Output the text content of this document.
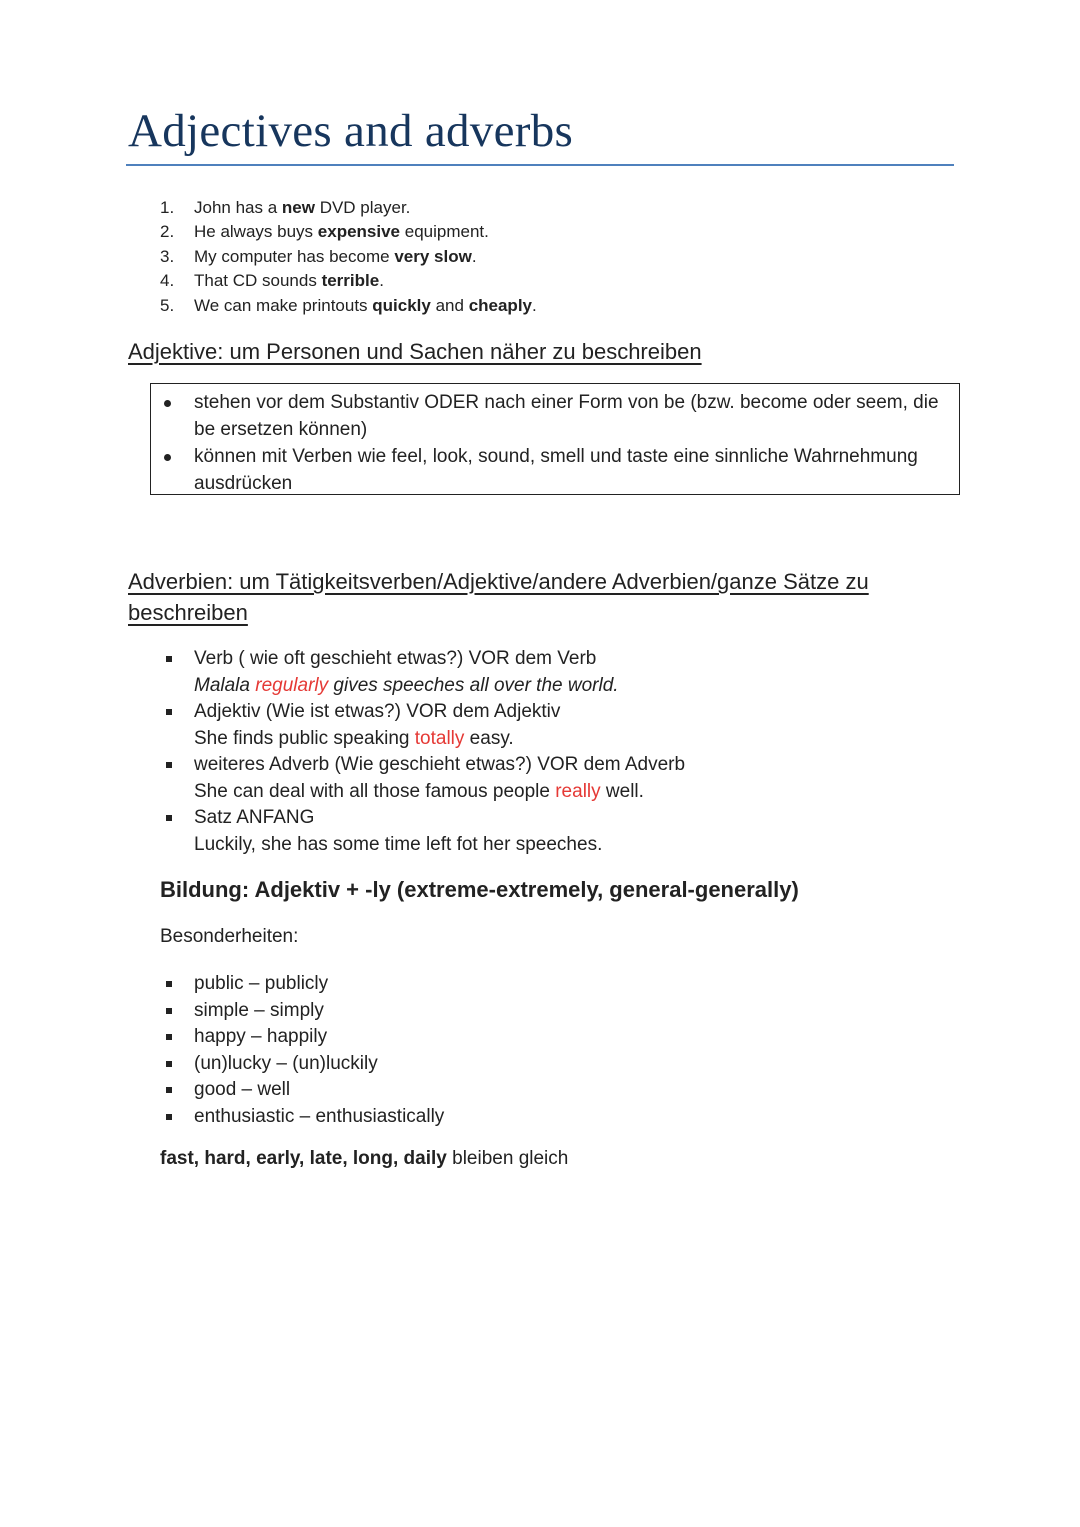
Adjectives and adverbs
1.	John has a new DVD player.
2.	He always buys expensive equipment.
3.	My computer has become very slow.
4.	That CD sounds terrible.
5.	We can make printouts quickly and cheaply.
Adjektive: um Personen und Sachen näher zu beschreiben
stehen vor dem Substantiv ODER nach einer Form von be (bzw. become oder seem, die be ersetzen können)
können mit Verben wie feel, look, sound, smell und taste eine sinnliche Wahrnehmung ausdrücken
Adverbien: um Tätigkeitsverben/Adjektive/andere Adverbien/ganze Sätze zu beschreiben
Verb ( wie oft geschieht etwas?) VOR dem Verb
Malala regularly gives speeches all over the world.
Adjektiv (Wie ist etwas?) VOR dem Adjektiv
She finds public speaking totally easy.
weiteres Adverb (Wie geschieht etwas?) VOR dem Adverb
She can deal with all those famous people really well.
Satz ANFANG
Luckily, she has some time left fot her speeches.

Bildung: Adjektiv + -ly (extreme-extremely, general-generally)

Besonderheiten:

public – publicly
simple – simply
happy – happily
(un)lucky – (un)luckily
good – well
enthusiastic – enthusiastically

fast, hard, early, late, long, daily bleiben gleich
